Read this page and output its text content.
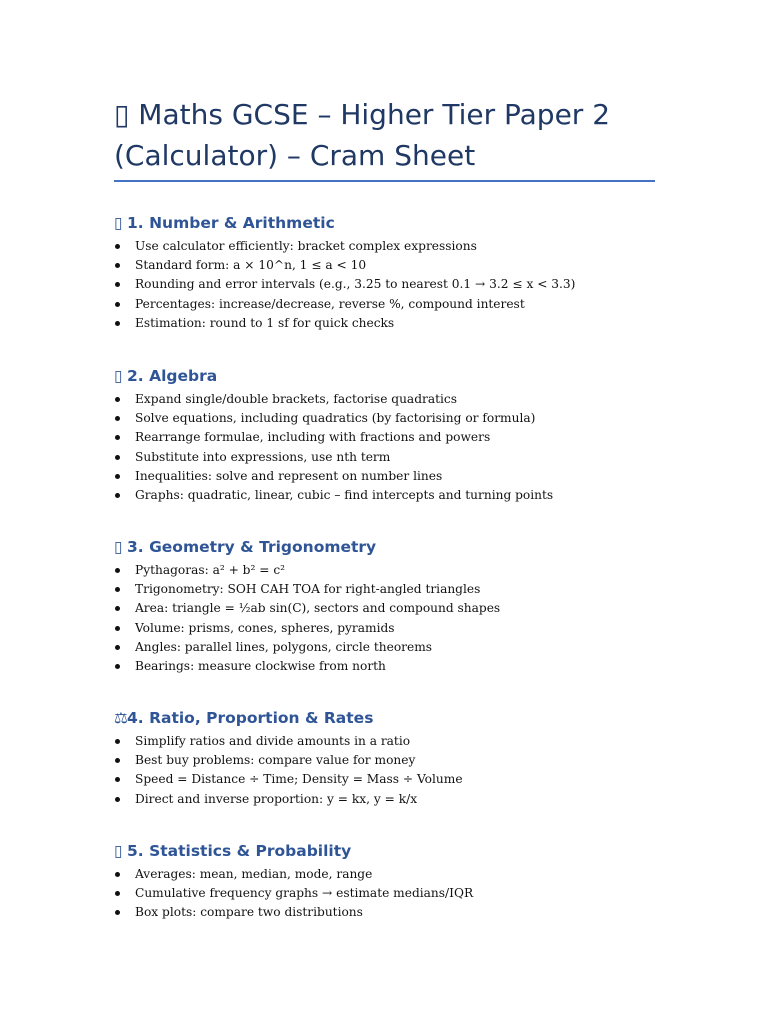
▯ Maths GCSE – Higher Tier Paper 2
(Calculator) – Cram Sheet
▯ 1. Number & Arithmetic
Use calculator efficiently: bracket complex expressions
Standard form: a × 10^n, 1 ≤ a < 10
Rounding and error intervals (e.g., 3.25 to nearest 0.1 → 3.2 ≤ x < 3.3)
Percentages: increase/decrease, reverse %, compound interest
Estimation: round to 1 sf for quick checks
▯ 2. Algebra
Expand single/double brackets, factorise quadratics
Solve equations, including quadratics (by factorising or formula)
Rearrange formulae, including with fractions and powers
Substitute into expressions, use nth term
Inequalities: solve and represent on number lines
Graphs: quadratic, linear, cubic – find intercepts and turning points
▯ 3. Geometry & Trigonometry
Pythagoras: a² + b² = c²
Trigonometry: SOH CAH TOA for right-angled triangles
Area: triangle = ½ab sin(C), sectors and compound shapes
Volume: prisms, cones, spheres, pyramids
Angles: parallel lines, polygons, circle theorems
Bearings: measure clockwise from north
⚖ 4. Ratio, Proportion & Rates
Simplify ratios and divide amounts in a ratio
Best buy problems: compare value for money
Speed = Distance ÷ Time; Density = Mass ÷ Volume
Direct and inverse proportion: y = kx, y = k/x
▯ 5. Statistics & Probability
Averages: mean, median, mode, range
Cumulative frequency graphs → estimate medians/IQR
Box plots: compare two distributions
